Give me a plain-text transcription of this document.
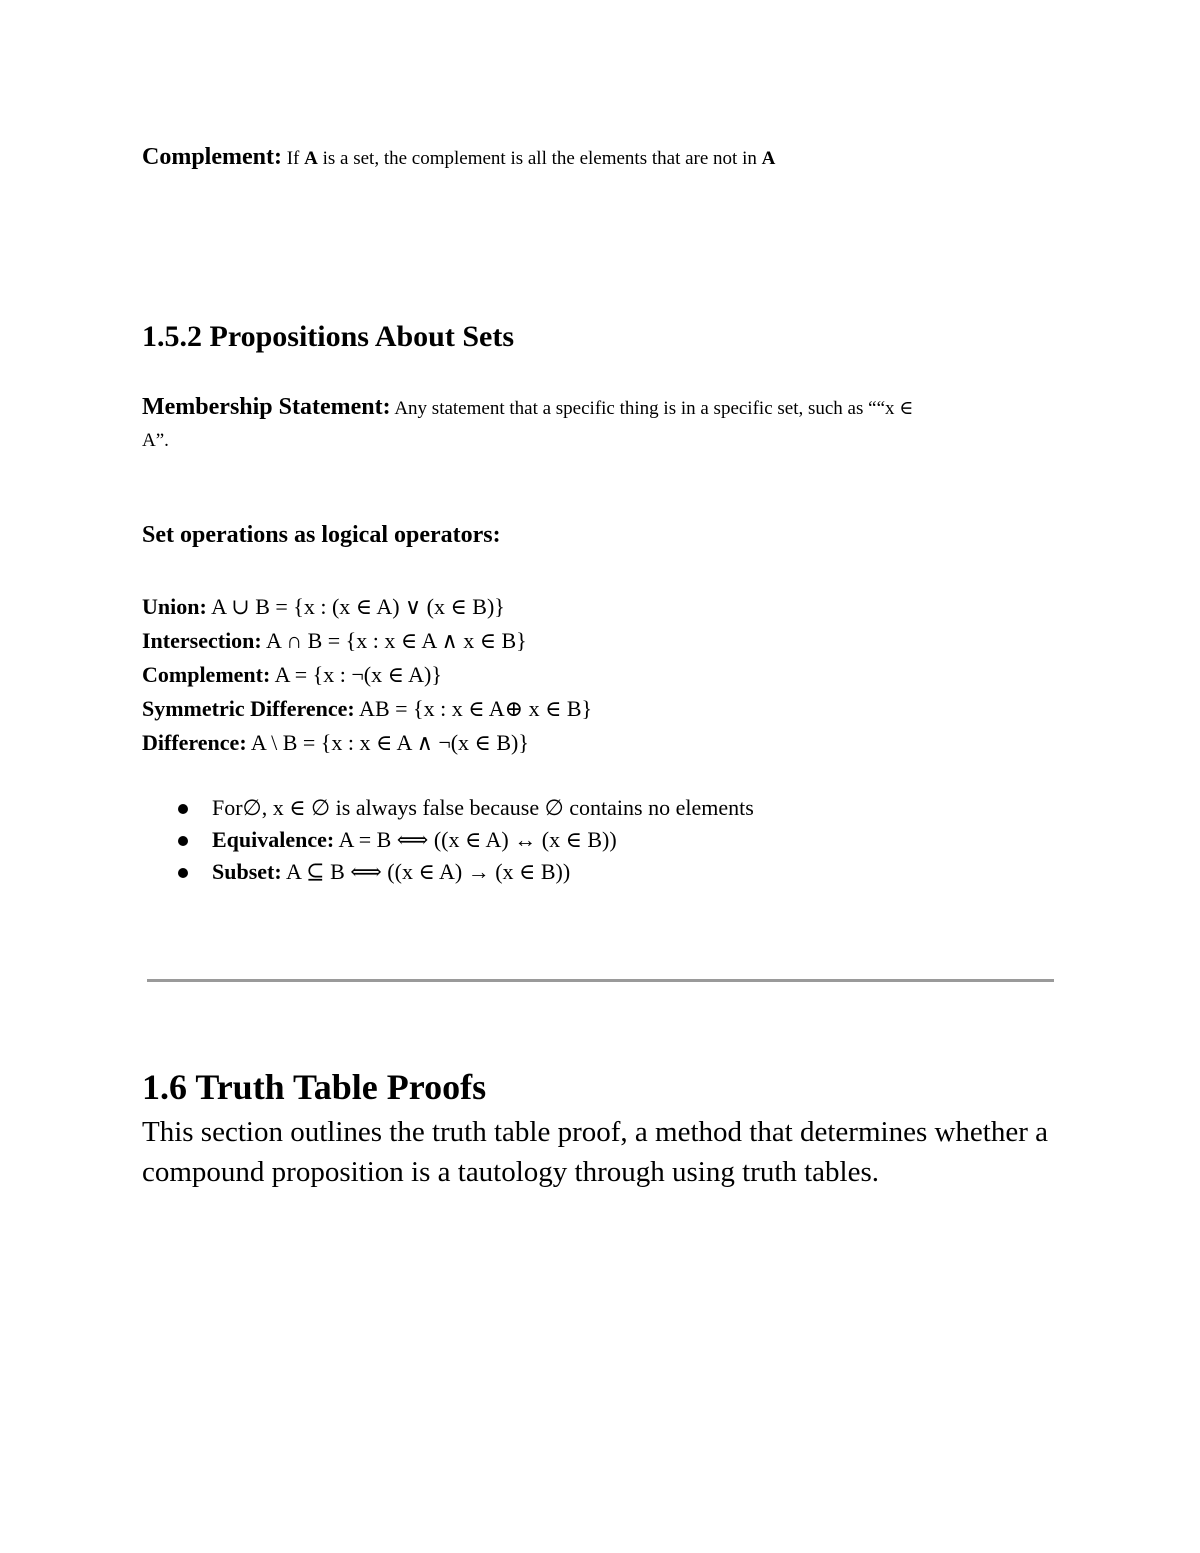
Complement: If A is a set, the complement is all the elements that are not in A
1.5.2 Propositions About Sets
Membership Statement: Any statement that a specific thing is in a specific set, such as ““x ∈
A”.
Set operations as logical operators:
Union: A ∪ B = {x : (x ∈ A) ∨ (x ∈ B)}
Intersection: A ∩ B = {x : x ∈ A ∧ x ∈ B}
Complement: A = {x : ¬(x ∈ A)}
Symmetric Difference: AB = {x : x ∈ A⊕ x ∈ B}
Difference: A \ B = {x : x ∈ A ∧ ¬(x ∈ B)}
For∅, x ∈ ∅ is always false because ∅ contains no elements
Equivalence: A = B ⟺ ((x ∈ A) ↔ (x ∈ B))
Subset: A ⊆ B ⟺ ((x ∈ A) → (x ∈ B))
1.6 Truth Table Proofs
This section outlines the truth table proof, a method that determines whether a compound proposition is a tautology through using truth tables.
